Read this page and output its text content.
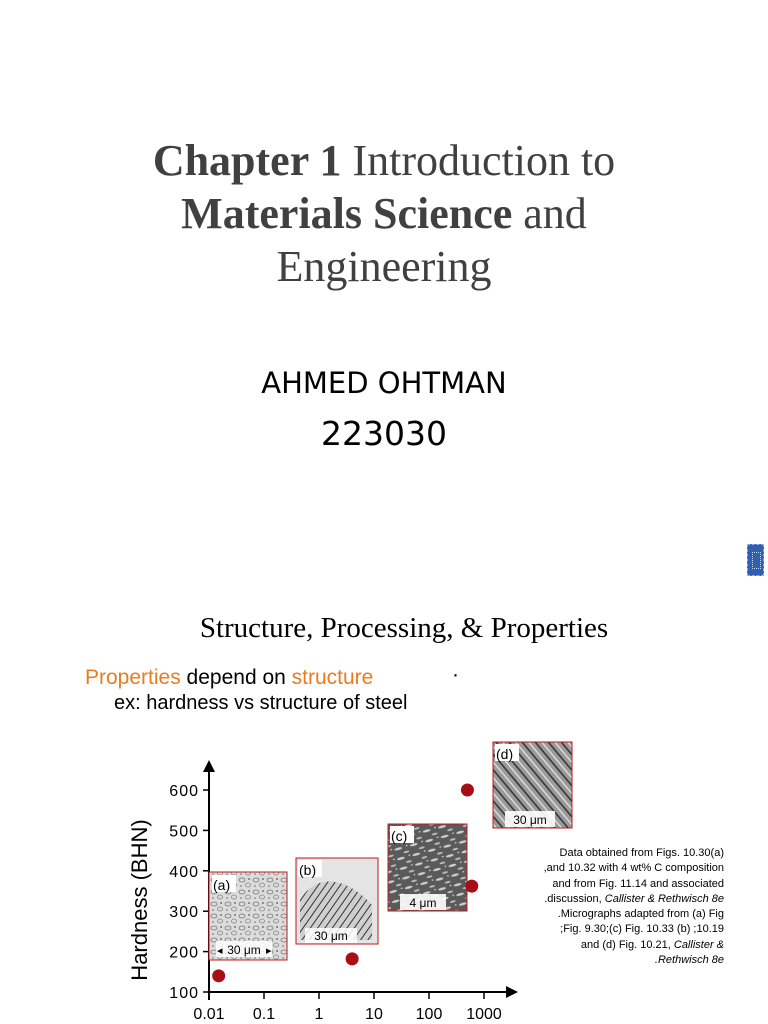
Chapter 1 Introduction to Materials Science and Engineering
AHMED OHTMAN
223030
Structure, Processing, & Properties
Properties depend on structure	·
ex: hardness vs structure of steel
100
200
300
400
500
600
0.01 0.1 1	10 100 1000
Hardness (BHN)	(a)
30 μm
◂	▸
(b)
30 μm
(c)
4 μm
(d)
30 μm
Data obtained from Figs. 10.30(a)
,and 10.32 with 4 wt% C composition
and from Fig. 11.14 and associated
.discussion, Callister & Rethwisch 8e
.Micrographs adapted from (a) Fig
;Fig. 9.30;(c) Fig. 10.33 (b) ;10.19
and (d) Fig. 10.21, Callister &
.Rethwisch 8e
